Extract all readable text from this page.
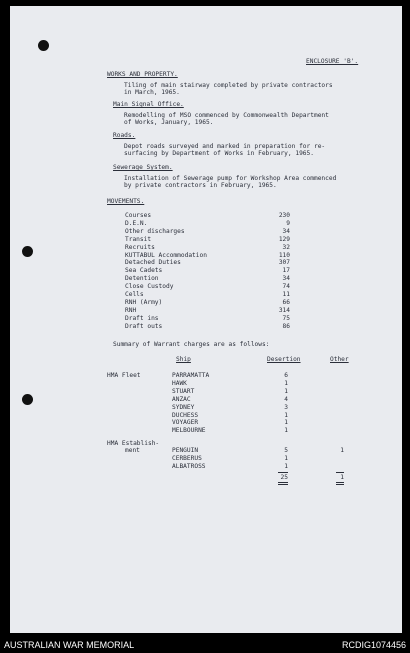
ENCLOSURE 'B'.
WORKS AND PROPERTY.
Tiling of main stairway completed by private contractors
in March, 1965.
Main Signal Office.
Remodelling of MSO commenced by Commonwealth Department
of Works, January, 1965.
Roads.
Depot roads surveyed and marked in preparation for re-
surfacing by Department of Works in February, 1965.
Sewerage System.
Installation of Sewerage pump for Workshop Area commenced
by private contractors in February, 1965.
MOVEMENTS.
Courses	230
D.E.N.	9
Other discharges	34
Transit	129
Recruits	32
KUTTABUL Accommodation	110
Detached Duties	307
Sea Cadets	17
Detention	34
Close Custody	74
Cells	11
RNH (Army)	66
RNH	314
Draft ins	75
Draft outs	86
Summary of Warrant charges are as follows:
Ship	Desertion	Other
HMA Fleet	PARRAMATTA	6
HAWK	1
STUART	1
ANZAC	4
SYDNEY	3
DUCHESS	1
VOYAGER	1
MELBOURNE	1
HMA Establish-
ment	PENGUIN	5	1
CERBERUS	1
ALBATROSS	1
25	1
AUSTRALIAN WAR MEMORIAL	RCDIG1074456
